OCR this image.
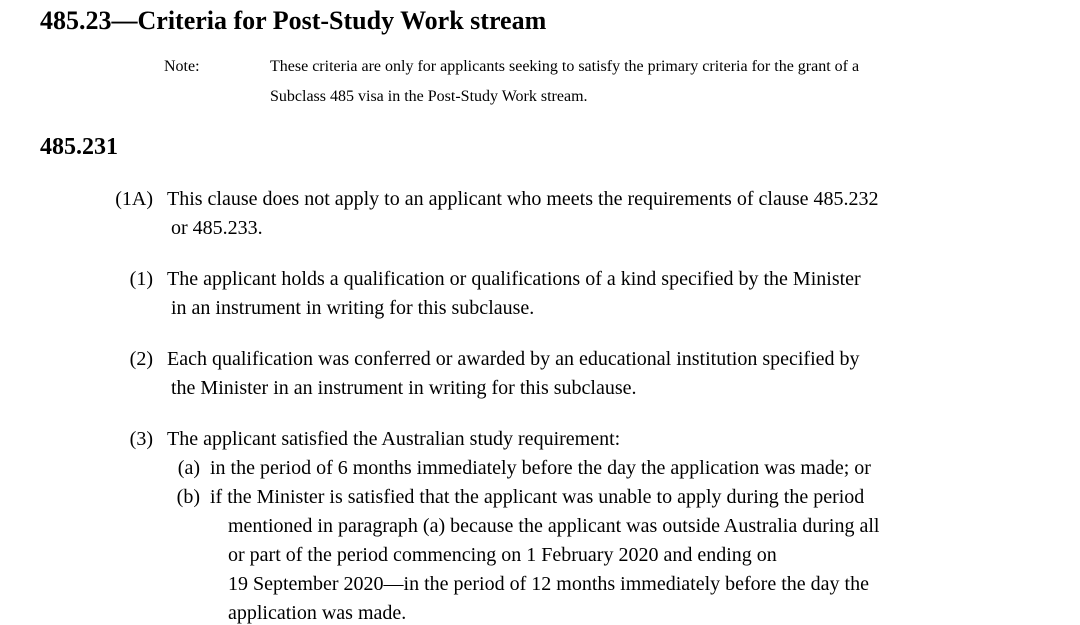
485.23—Criteria for Post-Study Work stream
Note:	These criteria are only for applicants seeking to satisfy the primary criteria for the grant of a
Subclass 485 visa in the Post-Study Work stream.
485.231
(1A) This clause does not apply to an applicant who meets the requirements of clause 485.232
or 485.233.
(1) The applicant holds a qualification or qualifications of a kind specified by the Minister
in an instrument in writing for this subclause.
(2) Each qualification was conferred or awarded by an educational institution specified by
the Minister in an instrument in writing for this subclause.
(3) The applicant satisfied the Australian study requirement:
(a) in the period of 6 months immediately before the day the application was made; or
(b) if the Minister is satisfied that the applicant was unable to apply during the period
mentioned in paragraph (a) because the applicant was outside Australia during all
or part of the period commencing on 1 February 2020 and ending on
19 September 2020—in the period of 12 months immediately before the day the
application was made.
